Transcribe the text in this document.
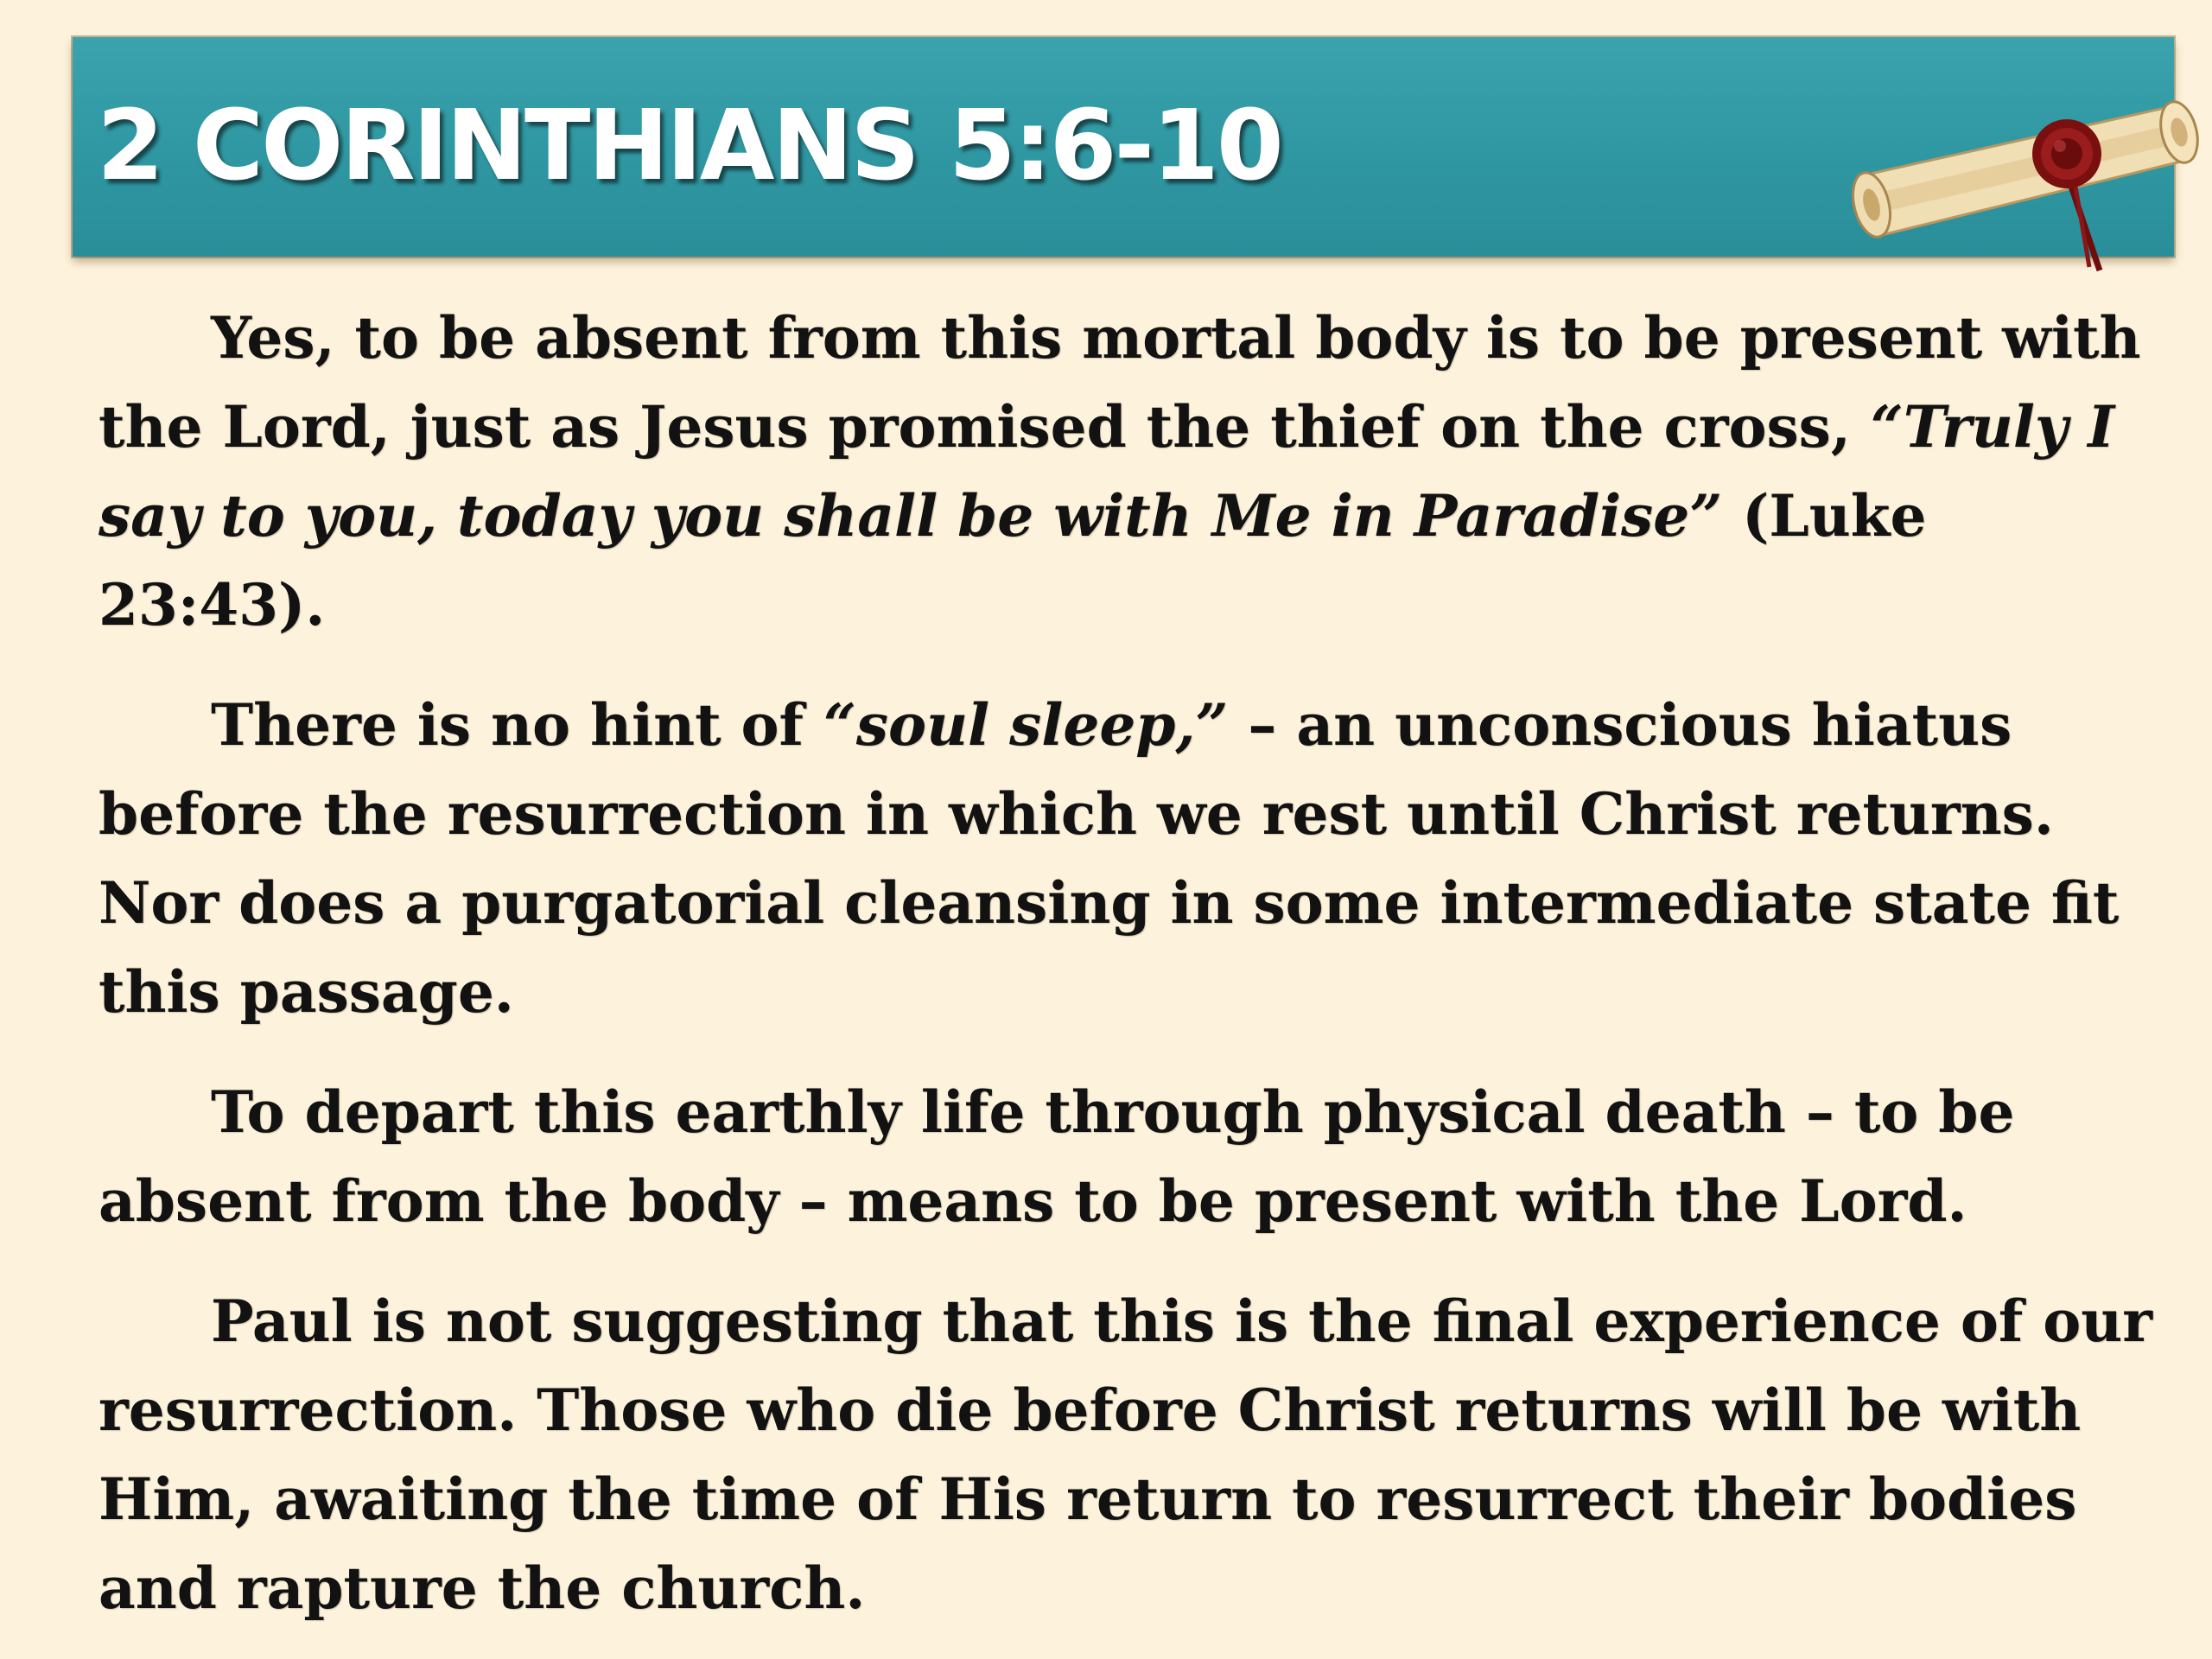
2 CORINTHIANS 5:6-10

Yes, to be absent from this mortal body is to be present with the Lord, just as Jesus promised the thief on the cross, “Truly I say to you, today you shall be with Me in Paradise” (Luke 23:43).

There is no hint of “soul sleep,” – an unconscious hiatus before the resurrection in which we rest until Christ returns. Nor does a purgatorial cleansing in some intermediate state fit this passage.

To depart this earthly life through physical death – to be absent from the body – means to be present with the Lord.

Paul is not suggesting that this is the final experience of our resurrection. Those who die before Christ returns will be with Him, awaiting the time of His return to resurrect their bodies and rapture the church.
